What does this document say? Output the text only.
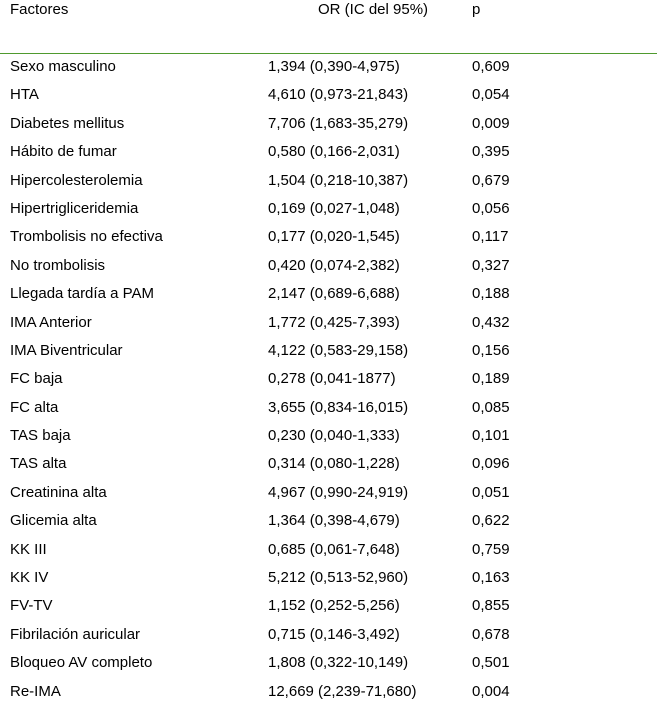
Factores	OR (IC del 95%)	p
Sexo masculino	1,394 (0,390-4,975)	0,609
HTA	4,610 (0,973-21,843)	0,054
Diabetes mellitus	7,706 (1,683-35,279)	0,009
Hábito de fumar	0,580 (0,166-2,031)	0,395
Hipercolesterolemia	1,504 (0,218-10,387)	0,679
Hipertrigliceridemia	0,169 (0,027-1,048)	0,056
Trombolisis no efectiva	0,177 (0,020-1,545)	0,117
No trombolisis	0,420 (0,074-2,382)	0,327
Llegada tardía a PAM	2,147 (0,689-6,688)	0,188
IMA Anterior	1,772 (0,425-7,393)	0,432
IMA Biventricular	4,122 (0,583-29,158)	0,156
FC baja	0,278 (0,041-1877)	0,189
FC alta	3,655 (0,834-16,015)	0,085
TAS baja	0,230 (0,040-1,333)	0,101
TAS alta	0,314 (0,080-1,228)	0,096
Creatinina alta	4,967 (0,990-24,919)	0,051
Glicemia alta	1,364 (0,398-4,679)	0,622
KK III	0,685 (0,061-7,648)	0,759
KK IV	5,212 (0,513-52,960)	0,163
FV-TV	1,152 (0,252-5,256)	0,855
Fibrilación auricular	0,715 (0,146-3,492)	0,678
Bloqueo AV completo	1,808 (0,322-10,149)	0,501
Re-IMA	12,669 (2,239-71,680)	0,004
